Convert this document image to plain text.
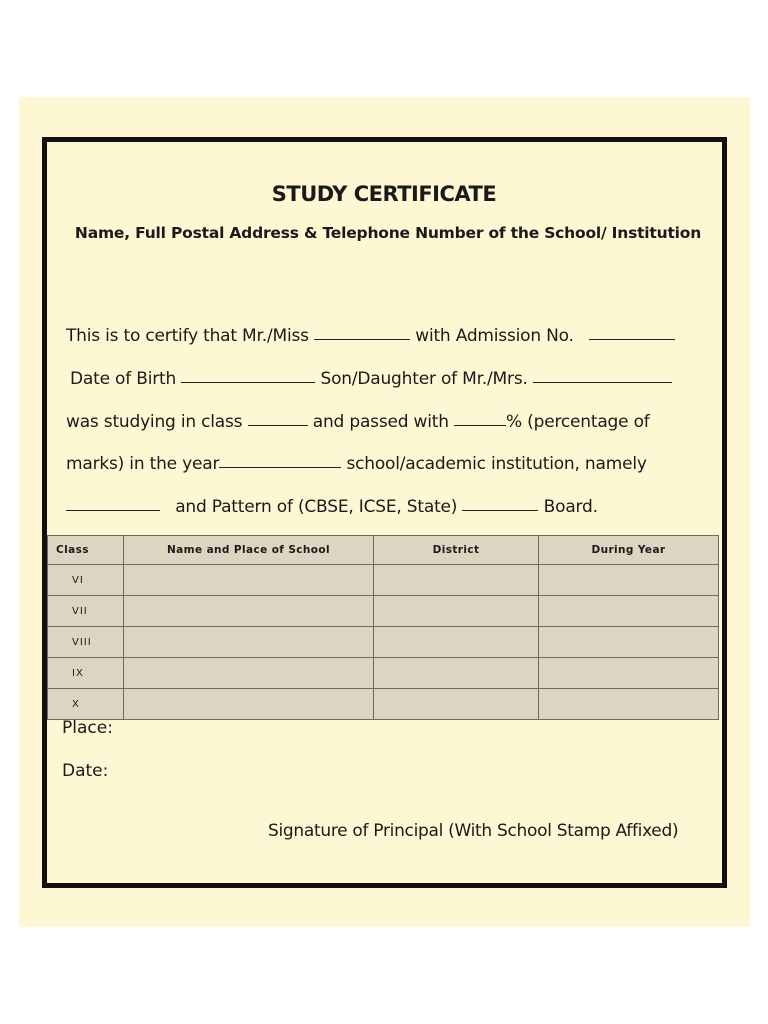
STUDY CERTIFICATE
Name, Full Postal Address & Telephone Number of the School/ Institution
This is to certify that Mr./Miss	with Admission No.
Date of Birth	Son/Daughter of Mr./Mrs.
was studying in class	and passed with	% (percentage of
marks) in the year	school/academic institution, namely
and Pattern of (CBSE, ICSE, State)	Board.
Class	Name and Place of School	District	During Year
VI			
VII			
VIII			
IX			
X			
Place:
Date:
Signature of Principal (With School Stamp Affixed)
